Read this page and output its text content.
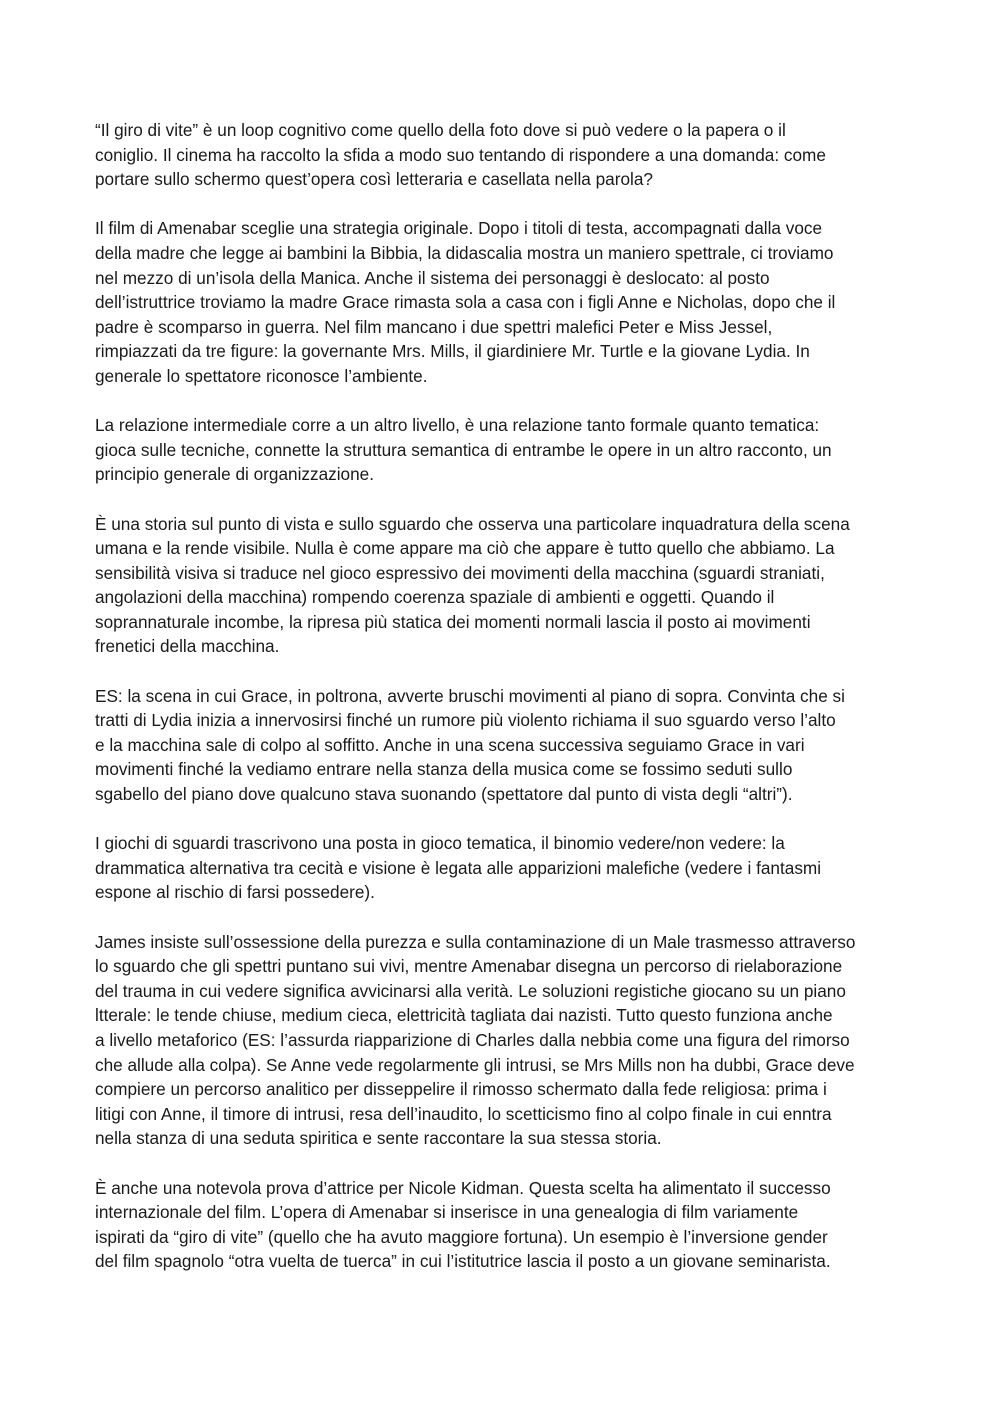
“Il giro di vite” è un loop cognitivo come quello della foto dove si può vedere o la papera o il
coniglio. Il cinema ha raccolto la sfida a modo suo tentando di rispondere a una domanda: come
portare sullo schermo quest’opera così letteraria e casellata nella parola?

Il film di Amenabar sceglie una strategia originale. Dopo i titoli di testa, accompagnati dalla voce
della madre che legge ai bambini la Bibbia, la didascalia mostra un maniero spettrale, ci troviamo
nel mezzo di un’isola della Manica. Anche il sistema dei personaggi è deslocato: al posto
dell’istruttrice troviamo la madre Grace rimasta sola a casa con i figli Anne e Nicholas, dopo che il
padre è scomparso in guerra. Nel film mancano i due spettri malefici Peter e Miss Jessel,
rimpiazzati da tre figure: la governante Mrs. Mills, il giardiniere Mr. Turtle e la giovane Lydia. In
generale lo spettatore riconosce l’ambiente.

La relazione intermediale corre a un altro livello, è una relazione tanto formale quanto tematica:
gioca sulle tecniche, connette la struttura semantica di entrambe le opere in un altro racconto, un
principio generale di organizzazione.

È una storia sul punto di vista e sullo sguardo che osserva una particolare inquadratura della scena
umana e la rende visibile. Nulla è come appare ma ciò che appare è tutto quello che abbiamo. La
sensibilità visiva si traduce nel gioco espressivo dei movimenti della macchina (sguardi straniati,
angolazioni della macchina) rompendo coerenza spaziale di ambienti e oggetti. Quando il
soprannaturale incombe, la ripresa più statica dei momenti normali lascia il posto ai movimenti
frenetici della macchina.

ES: la scena in cui Grace, in poltrona, avverte bruschi movimenti al piano di sopra. Convinta che si
tratti di Lydia inizia a innervosirsi finché un rumore più violento richiama il suo sguardo verso l’alto
e la macchina sale di colpo al soffitto. Anche in una scena successiva seguiamo Grace in vari
movimenti finché la vediamo entrare nella stanza della musica come se fossimo seduti sullo
sgabello del piano dove qualcuno stava suonando (spettatore dal punto di vista degli “altri”).

I giochi di sguardi trascrivono una posta in gioco tematica, il binomio vedere/non vedere: la
drammatica alternativa tra cecità e visione è legata alle apparizioni malefiche (vedere i fantasmi
espone al rischio di farsi possedere).

James insiste sull’ossessione della purezza e sulla contaminazione di un Male trasmesso attraverso
lo sguardo che gli spettri puntano sui vivi, mentre Amenabar disegna un percorso di rielaborazione
del trauma in cui vedere significa avvicinarsi alla verità. Le soluzioni registiche giocano su un piano
ltterale: le tende chiuse, medium cieca, elettricità tagliata dai nazisti. Tutto questo funziona anche
a livello metaforico (ES: l’assurda riapparizione di Charles dalla nebbia come una figura del rimorso
che allude alla colpa). Se Anne vede regolarmente gli intrusi, se Mrs Mills non ha dubbi, Grace deve
compiere un percorso analitico per disseppelire il rimosso schermato dalla fede religiosa: prima i
litigi con Anne, il timore di intrusi, resa dell’inaudito, lo scetticismo fino al colpo finale in cui enntra
nella stanza di una seduta spiritica e sente raccontare la sua stessa storia.

È anche una notevola prova d’attrice per Nicole Kidman. Questa scelta ha alimentato il successo
internazionale del film. L’opera di Amenabar si inserisce in una genealogia di film variamente
ispirati da “giro di vite” (quello che ha avuto maggiore fortuna). Un esempio è l’inversione gender
del film spagnolo “otra vuelta de tuerca” in cui l’istitutrice lascia il posto a un giovane seminarista.
